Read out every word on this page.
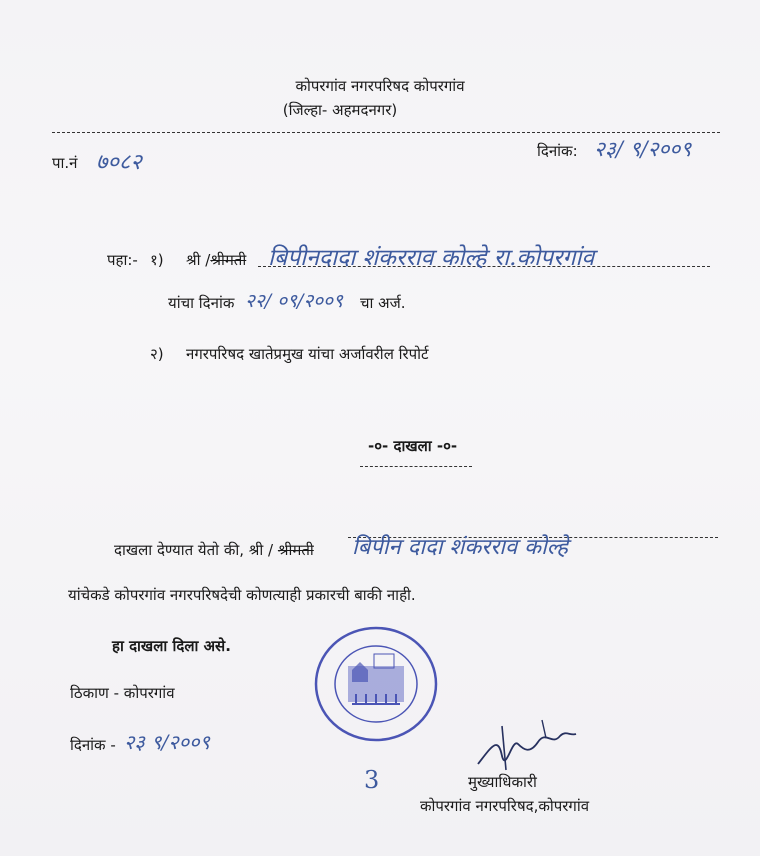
कोपरगांव नगरपरिषद कोपरगांव
(जिल्हा- अहमदनगर)
पा.नं ७०८२	दिनांक: २३/ ९/२००९
पहा:- १) श्री /श्रीमती बिपीनदादा शंकरराव कोल्हे रा.कोपरगांव
यांचा दिनांक २२/ ०९/२००९ चा अर्ज.
२) नगरपरिषद खातेप्रमुख यांचा अर्जावरील रिपोर्ट
-०- दाखला -०-
दाखला देण्यात येतो की, श्री / श्रीमती बिपीन दादा शंकरराव कोल्हे
यांचेकडे कोपरगांव नगरपरिषदेची कोणत्याही प्रकारची बाकी नाही.
हा दाखला दिला असे.
ठिकाण - कोपरगांव
दिनांक - २३ ९/२००९
3	मुख्याधिकारी
कोपरगांव नगरपरिषद,कोपरगांव
